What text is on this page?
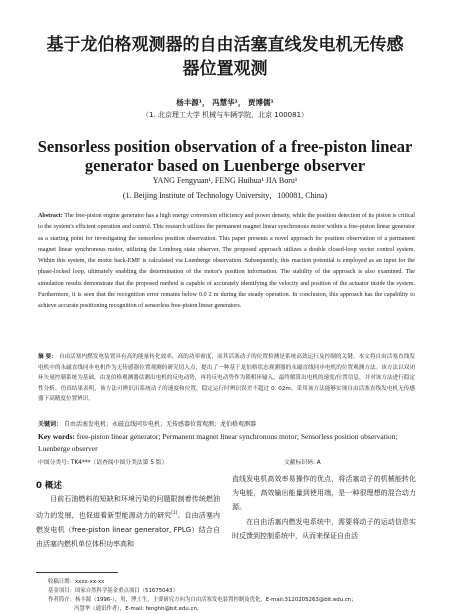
基于龙伯格观测器的自由活塞直线发电机无传感
器位置观测
杨丰源¹， 冯慧华¹， 贾博儒¹
（1. 北京理工大学 机械与车辆学院，北京 100081）
Sensorless position observation of a free-piston linear
generator based on Luenberge observer
YANG Fengyuan¹, FENG Huihua¹ JIA Boru¹
(1. Beijing Institute of Technology University，100081, China)
Abstract: The free-piston engine generator has a high energy conversion efficiency and power density, while the position detection of its piston is critical to the system's efficient operation and control. This research utilizes the permanent magnet linear synchronous motor within a free-piston linear generator as a starting point for investigating the sensorless position observation. This paper presents a novel approach for position observation of a permanent magnet linear synchronous motor, utilizing the Lomborg state observer. The proposed approach utilizes a double closed-loop vector control system. Within this system, the motor back-EMF is calculated via Luenberge observation. Subsequently, this reaction potential is employed as an input for the phase-locked loop, ultimately enabling the determination of the motor's position information. The stability of the approach is also examined. The simulation results demonstrate that the proposed method is capable of accurately identifying the velocity and position of the actuator inside the system. Furthermore, it is seen that the recognition error remains below 0.0 2 m during the steady operation. In conclusion, this approach has the capability to achieve accurate positioning recognition of sensorless free-piston linear generators.
摘 要： 自由活塞内燃发电装置具有高的能量转化效率，高的功率密度，而其活塞动子的位置检测是系统高效运行及控制的关键。本文将自由活塞直线发电机中的永磁直线同步电机作为无传感器位置观测的研究切入点，提出了一种基于龙伯格状态观测器的永磁直线同步电机的位置观测方法。该方法以双闭环矢量控制系统为基础，由龙伯格观测器估测出电机的反电动势，再将反电动势作为锁相环输入，最终解算出电机的速度/位置信息，并对该方法进行稳定性分析。仿真结果表明，该方法可辨识出系统动子的速度和位置，稳定运行时辨识误差不超过 0. 02m。采用该方法能够实现自由活塞直线发电机无传感器下高精度位置辨识。
关键词： 自由活塞发电机；永磁直线同步电机；无传感器位置观测；龙伯格观测器
Key words: free-piston linear generator; Permanent magnet linear synchronous motor; Sensorless position observation; Luenberge observer
中图分类号: TK4***（请查阅中图分类法第 5 版）	文献标识码: A
0 概述
目前石油燃料的短缺和环境污染的问题限制着传统燃油动力的发展，也促进着新型能源动力的研究[1]。自由活塞内燃发电机（free-piston linear generator, FPLG）结合自由活塞内燃机单位体积功率高和
直线发电机高效率易操作的优点，将活塞动子的机械能转化为电能，高效输出能量到使用端，是一种很理想的混合动力源。
在自由活塞内燃发电系统中，需要将动子的运动信息实时反馈到控制系统中，从而来保证自由活
收稿日期：xxxx-xx-xx
基金项目：国家自然科学基金重点项目（51675043）
作者简介：杨丰源（1996-），男，博士生，主要研究方向为自由活塞发电装置控制及优化，E-mail:3120205263@bit.edu.cn；
冯慧华（通讯作者），E-mail: fenghh@bit.edu.cn。
